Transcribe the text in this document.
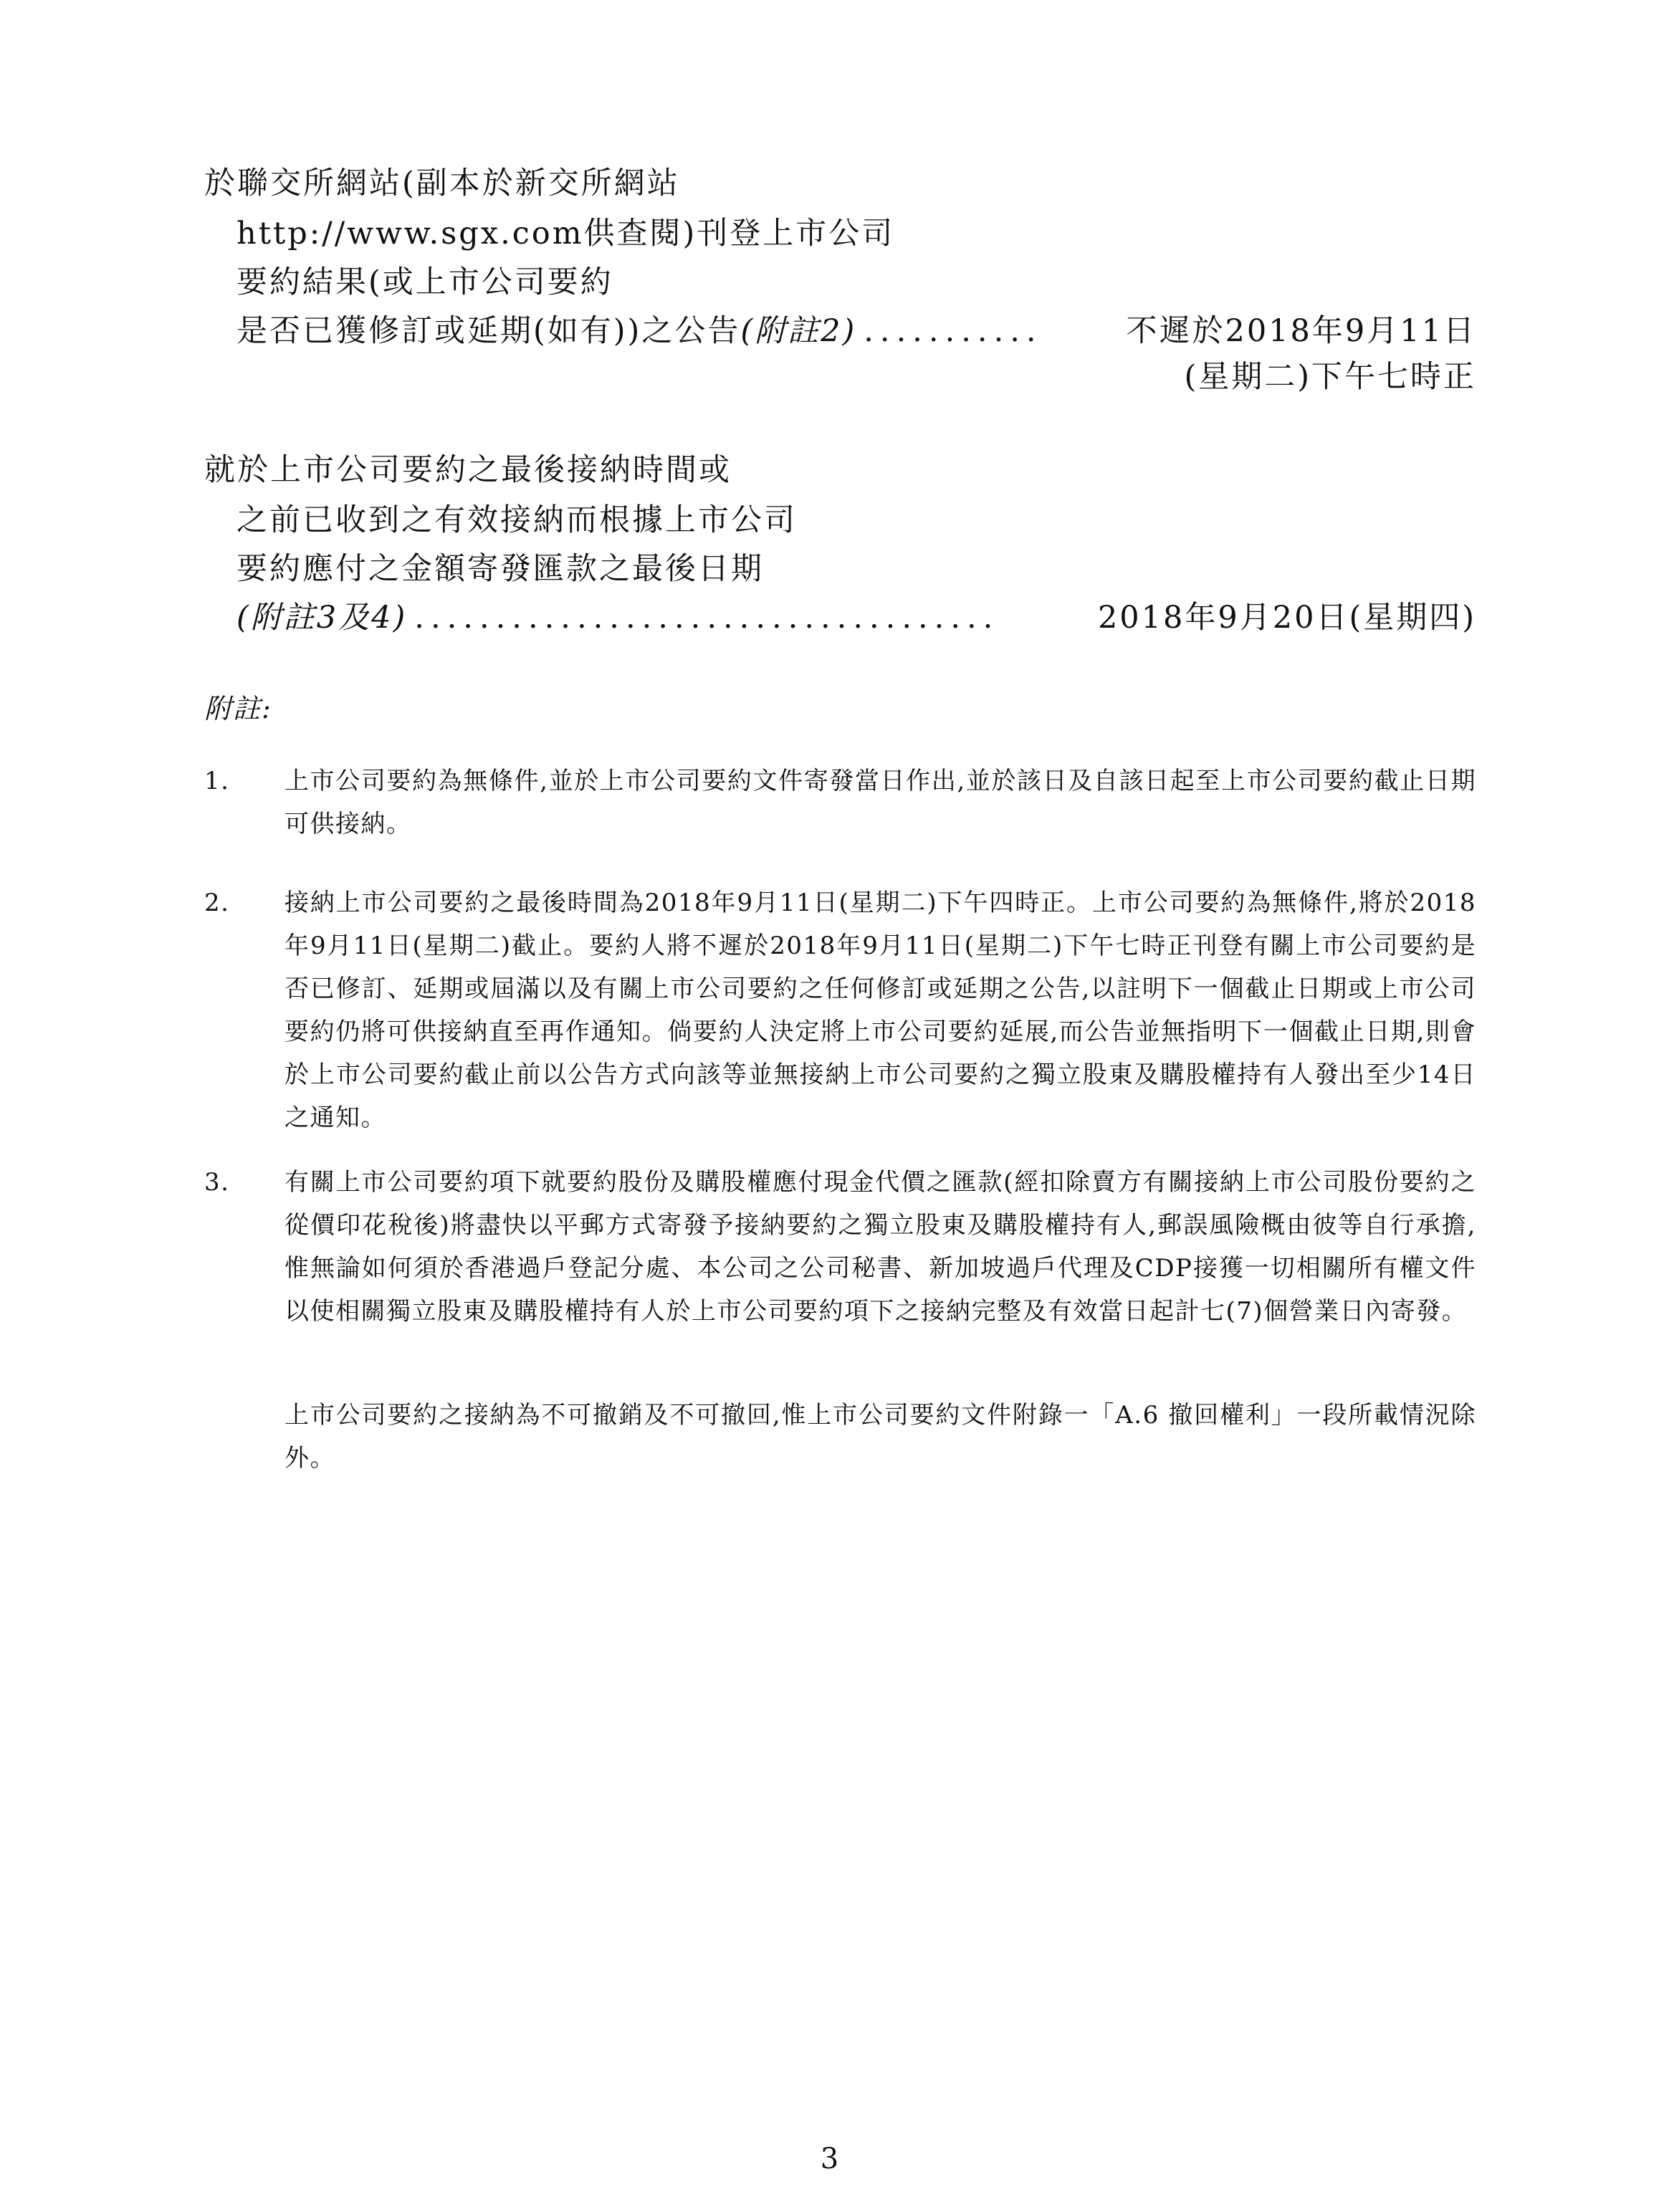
於聯交所網站(副本於新交所網站
http://www.sgx.com供查閱)刊登上市公司
要約結果(或上市公司要約
是否已獲修訂或延期(如有))之公告 (附註2) ...........	不遲於2018年9月11日
(星期二)下午七時正
就於上市公司要約之最後接納時間或
之前已收到之有效接納而根據上市公司
要約應付之金額寄發匯款之最後日期
(附註3及4) ....................................	2018年9月20日(星期四)
附註:
1. 上市公司要約為無條件,並於上市公司要約文件寄發當日作出,並於該日及自該日起至上市公司要約截止日期可供接納。
2. 接納上市公司要約之最後時間為2018年9月11日(星期二)下午四時正。上市公司要約為無條件,將於2018年9月11日(星期二)截止。要約人將不遲於2018年9月11日(星期二)下午七時正刊登有關上市公司要約是否已修訂、延期或屆滿以及有關上市公司要約之任何修訂或延期之公告,以註明下一個截止日期或上市公司要約仍將可供接納直至再作通知。倘要約人決定將上市公司要約延展,而公告並無指明下一個截止日期,則會於上市公司要約截止前以公告方式向該等並無接納上市公司要約之獨立股東及購股權持有人發出至少14日之通知。
3. 有關上市公司要約項下就要約股份及購股權應付現金代價之匯款(經扣除賣方有關接納上市公司股份要約之從價印花稅後)將盡快以平郵方式寄發予接納要約之獨立股東及購股權持有人,郵誤風險概由彼等自行承擔,惟無論如何須於香港過戶登記分處、本公司之公司秘書、新加坡過戶代理及CDP接獲一切相關所有權文件以使相關獨立股東及購股權持有人於上市公司要約項下之接納完整及有效當日起計七(7)個營業日內寄發。
上市公司要約之接納為不可撤銷及不可撤回,惟上市公司要約文件附錄一「A.6 撤回權利」一段所載情況除外。
3
